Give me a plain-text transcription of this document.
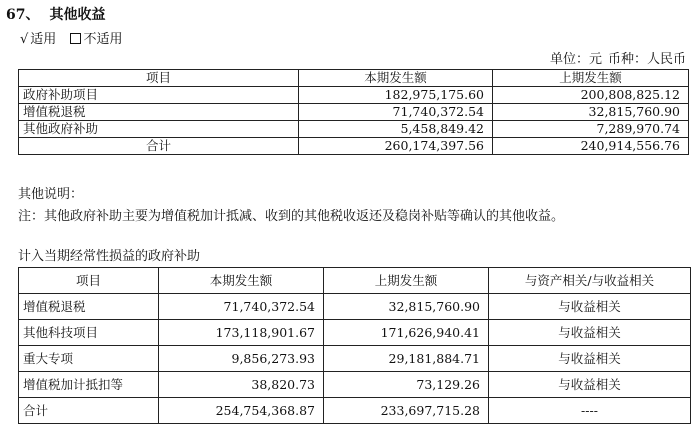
67、 其他收益
√ 适用 不适用
单位：元 币种：人民币
项目	本期发生额	上期发生额
政府补助项目	182,975,175.60	200,808,825.12
增值税退税	71,740,372.54	32,815,760.90
其他政府补助	5,458,849.42	7,289,970.74
合计	260,174,397.56	240,914,556.76
其他说明：
注：其他政府补助主要为增值税加计抵减、收到的其他税收返还及稳岗补贴等确认的其他收益。
计入当期经常性损益的政府补助
项目	本期发生额	上期发生额	与资产相关/与收益相关
增值税退税	71,740,372.54	32,815,760.90	与收益相关
其他科技项目	173,118,901.67	171,626,940.41	与收益相关
重大专项	9,856,273.93	29,181,884.71	与收益相关
增值税加计抵扣等	38,820.73	73,129.26	与收益相关
合计	254,754,368.87	233,697,715.28	----
